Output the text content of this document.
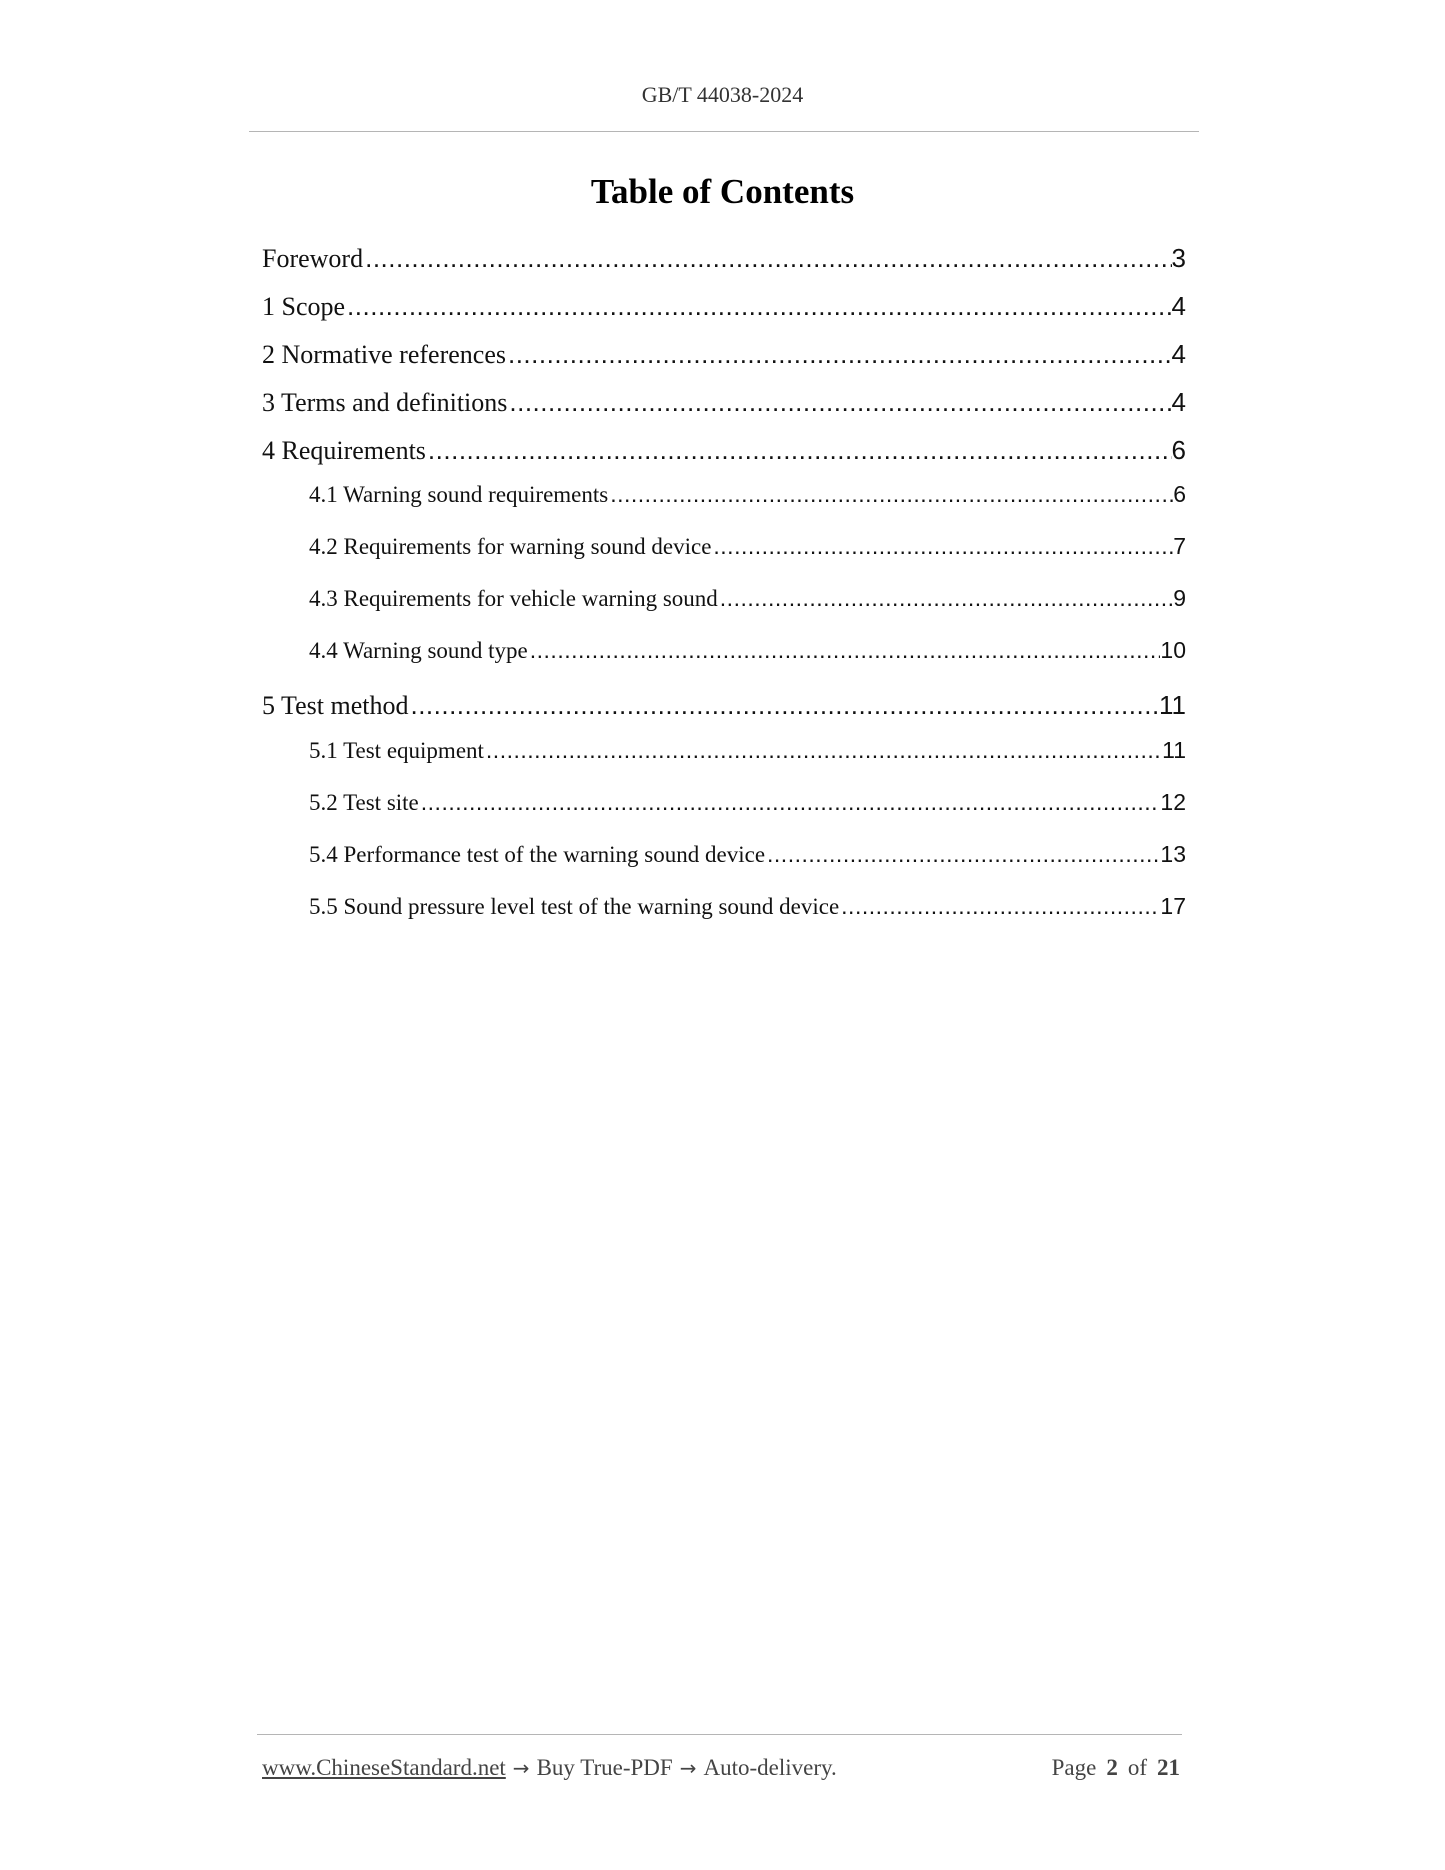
GB/T 44038-2024
Table of Contents
Foreword .....	3
1 Scope .....	4
2 Normative references .....	4
3 Terms and definitions .....	4
4 Requirements .....	6
4.1 Warning sound requirements .....	6
4.2 Requirements for warning sound device .....	7
4.3 Requirements for vehicle warning sound .....	9
4.4 Warning sound type .....	10
5 Test method .....	11
5.1 Test equipment .....	11
5.2 Test site .....	12
5.4 Performance test of the warning sound device .....	13
5.5 Sound pressure level test of the warning sound device .....	17
www.ChineseStandard.net → Buy True-PDF → Auto-delivery.	Page 2 of 21
